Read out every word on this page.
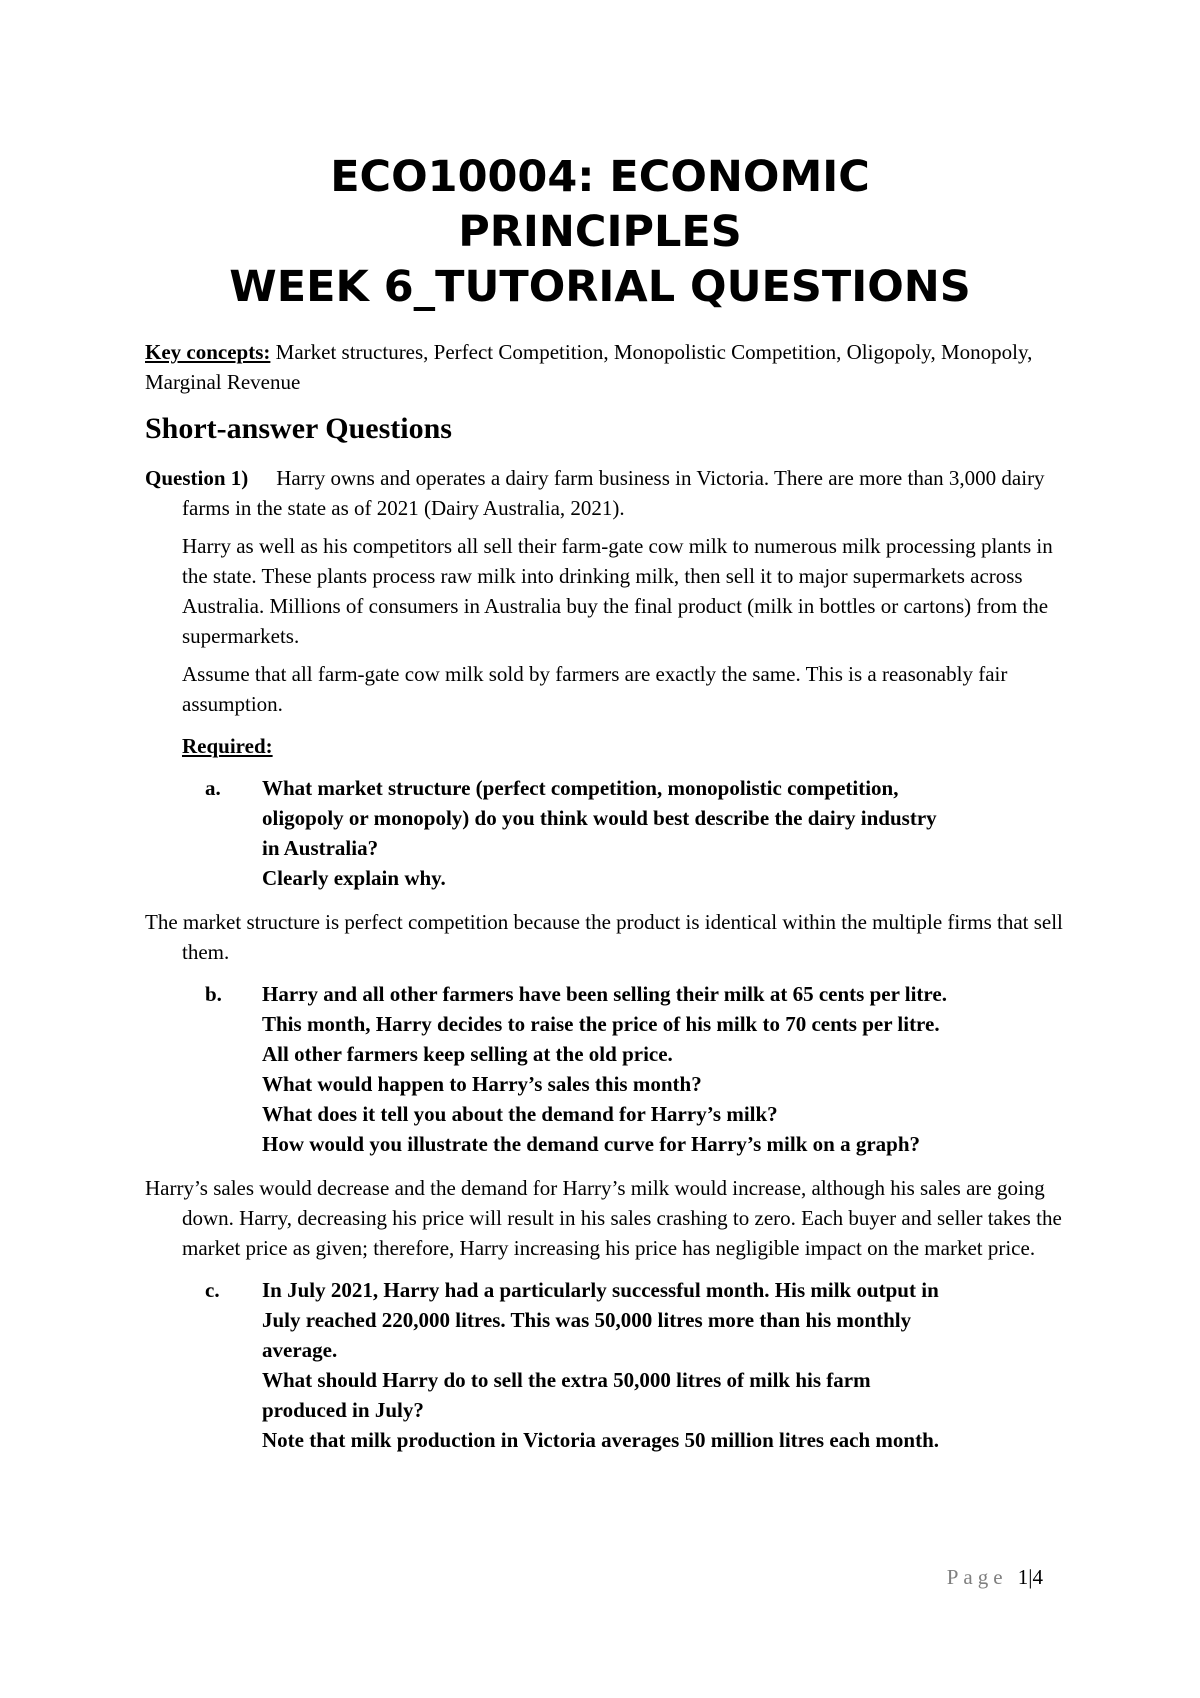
ECO10004: ECONOMIC
PRINCIPLES
WEEK 6_TUTORIAL QUESTIONS

Key concepts: Market structures, Perfect Competition, Monopolistic Competition, Oligopoly, Monopoly, Marginal Revenue

Short-answer Questions

Question 1) Harry owns and operates a dairy farm business in Victoria. There are more than 3,000 dairy farms in the state as of 2021 (Dairy Australia, 2021).

Harry as well as his competitors all sell their farm-gate cow milk to numerous milk processing plants in the state. These plants process raw milk into drinking milk, then sell it to major supermarkets across Australia. Millions of consumers in Australia buy the final product (milk in bottles or cartons) from the supermarkets.

Assume that all farm-gate cow milk sold by farmers are exactly the same. This is a reasonably fair assumption.

Required:

a.	What market structure (perfect competition, monopolistic competition,
oligopoly or monopoly) do you think would best describe the dairy industry
in Australia?
Clearly explain why.

The market structure is perfect competition because the product is identical within the multiple firms that sell them.

b.	Harry and all other farmers have been selling their milk at 65 cents per litre.
This month, Harry decides to raise the price of his milk to 70 cents per litre.
All other farmers keep selling at the old price.
What would happen to Harry’s sales this month?
What does it tell you about the demand for Harry’s milk?
How would you illustrate the demand curve for Harry’s milk on a graph?

Harry’s sales would decrease and the demand for Harry’s milk would increase, although his sales are going down. Harry, decreasing his price will result in his sales crashing to zero. Each buyer and seller takes the market price as given; therefore, Harry increasing his price has negligible impact on the market price.

c.	In July 2021, Harry had a particularly successful month. His milk output in
July reached 220,000 litres. This was 50,000 litres more than his monthly
average.
What should Harry do to sell the extra 50,000 litres of milk his farm
produced in July?
Note that milk production in Victoria averages 50 million litres each month.
Page 1|4
